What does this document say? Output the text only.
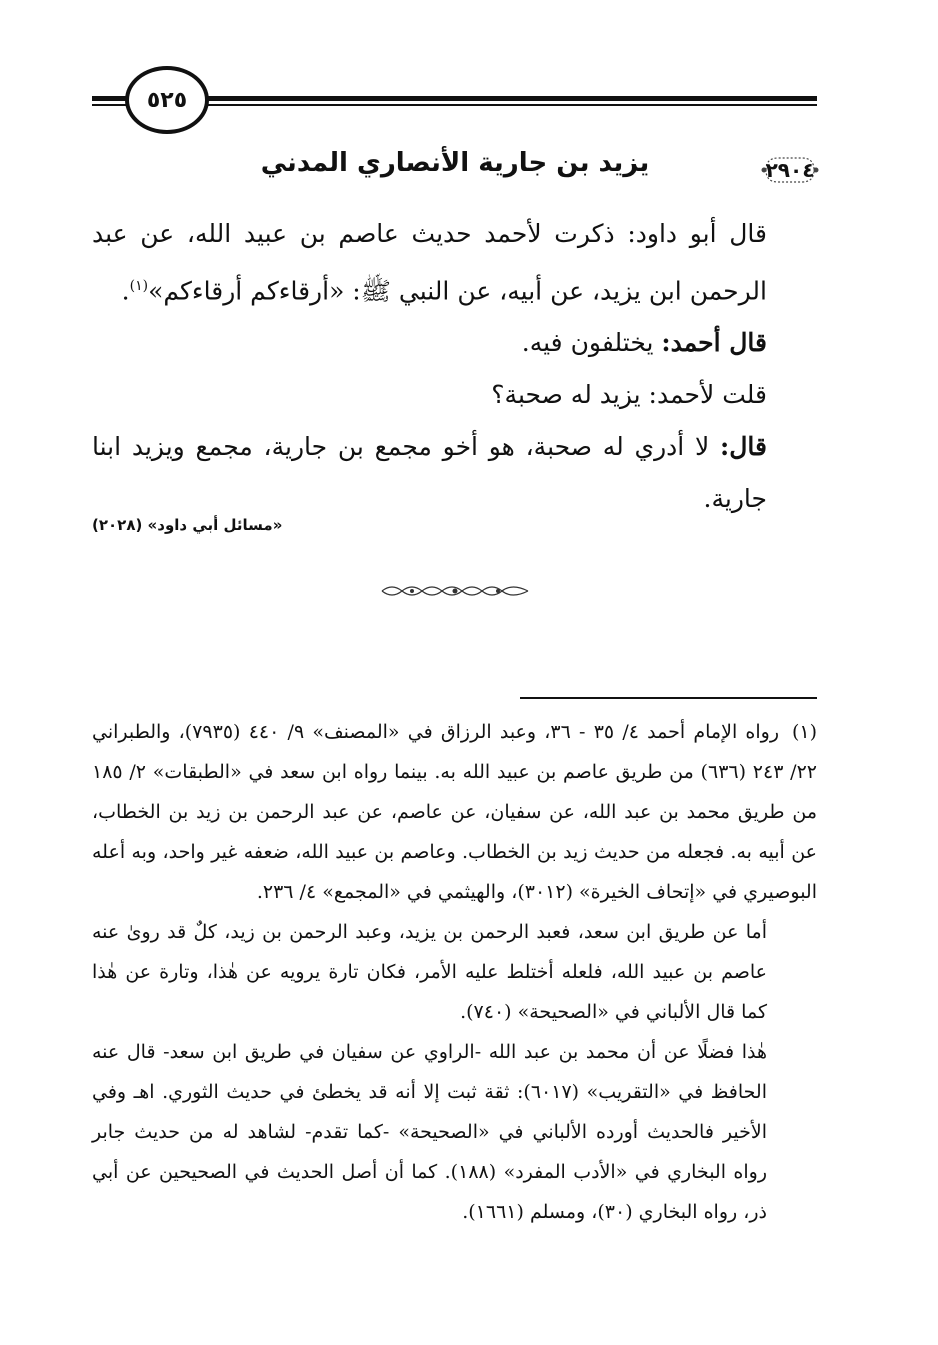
٥٢٥
٢٩٠٤
يزيد بن جارية الأنصاري المدني

قال أبو داود: ذكرت لأحمد حديث عاصم بن عبيد الله، عن عبد الرحمن ابن يزيد، عن أبيه، عن النبي ﷺ: «أرقاءكم أرقاءكم»$^{(١)}$.

قال أحمد: يختلفون فيه.

قلت لأحمد: يزيد له صحبة؟

قال: لا أدري له صحبة، هو أخو مجمع بن جارية، مجمع ويزيد ابنا جارية.

«مسائل أبي داود» (٢٠٢٨)

(١)رواه الإمام أحمد ٤/ ٣٥ - ٣٦، وعبد الرزاق في «المصنف» ٩/ ٤٤٠ (٧٩٣٥)، والطبراني ٢٢/ ٢٤٣ (٦٣٦) من طريق عاصم بن عبيد الله به. بينما رواه ابن سعد في «الطبقات» ٢/ ١٨٥ من طريق محمد بن عبد الله، عن سفيان، عن عاصم، عن عبد الرحمن بن زيد بن الخطاب، عن أبيه به. فجعله من حديث زيد بن الخطاب. وعاصم بن عبيد الله، ضعفه غير واحد، وبه أعله البوصيري في «إتحاف الخيرة» (٣٠١٢)، والهيثمي في «المجمع» ٤/ ٢٣٦.

أما عن طريق ابن سعد، فعبد الرحمن بن يزيد، وعبد الرحمن بن زيد، كلٌ قد روىٰ عنه عاصم بن عبيد الله، فلعله أختلط عليه الأمر، فكان تارة يرويه عن هٰذا، وتارة عن هٰذا كما قال الألباني في «الصحيحة» (٧٤٠).

هٰذا فضلًا عن أن محمد بن عبد الله -الراوي عن سفيان في طريق ابن سعد- قال عنه الحافظ في «التقريب» (٦٠١٧): ثقة ثبت إلا أنه قد يخطئ في حديث الثوري. اهـ وفي الأخير فالحديث أورده الألباني في «الصحيحة» -كما تقدم- لشاهد له من حديث جابر رواه البخاري في «الأدب المفرد» (١٨٨). كما أن أصل الحديث في الصحيحين عن أبي ذر، رواه البخاري (٣٠)، ومسلم (١٦٦١).
